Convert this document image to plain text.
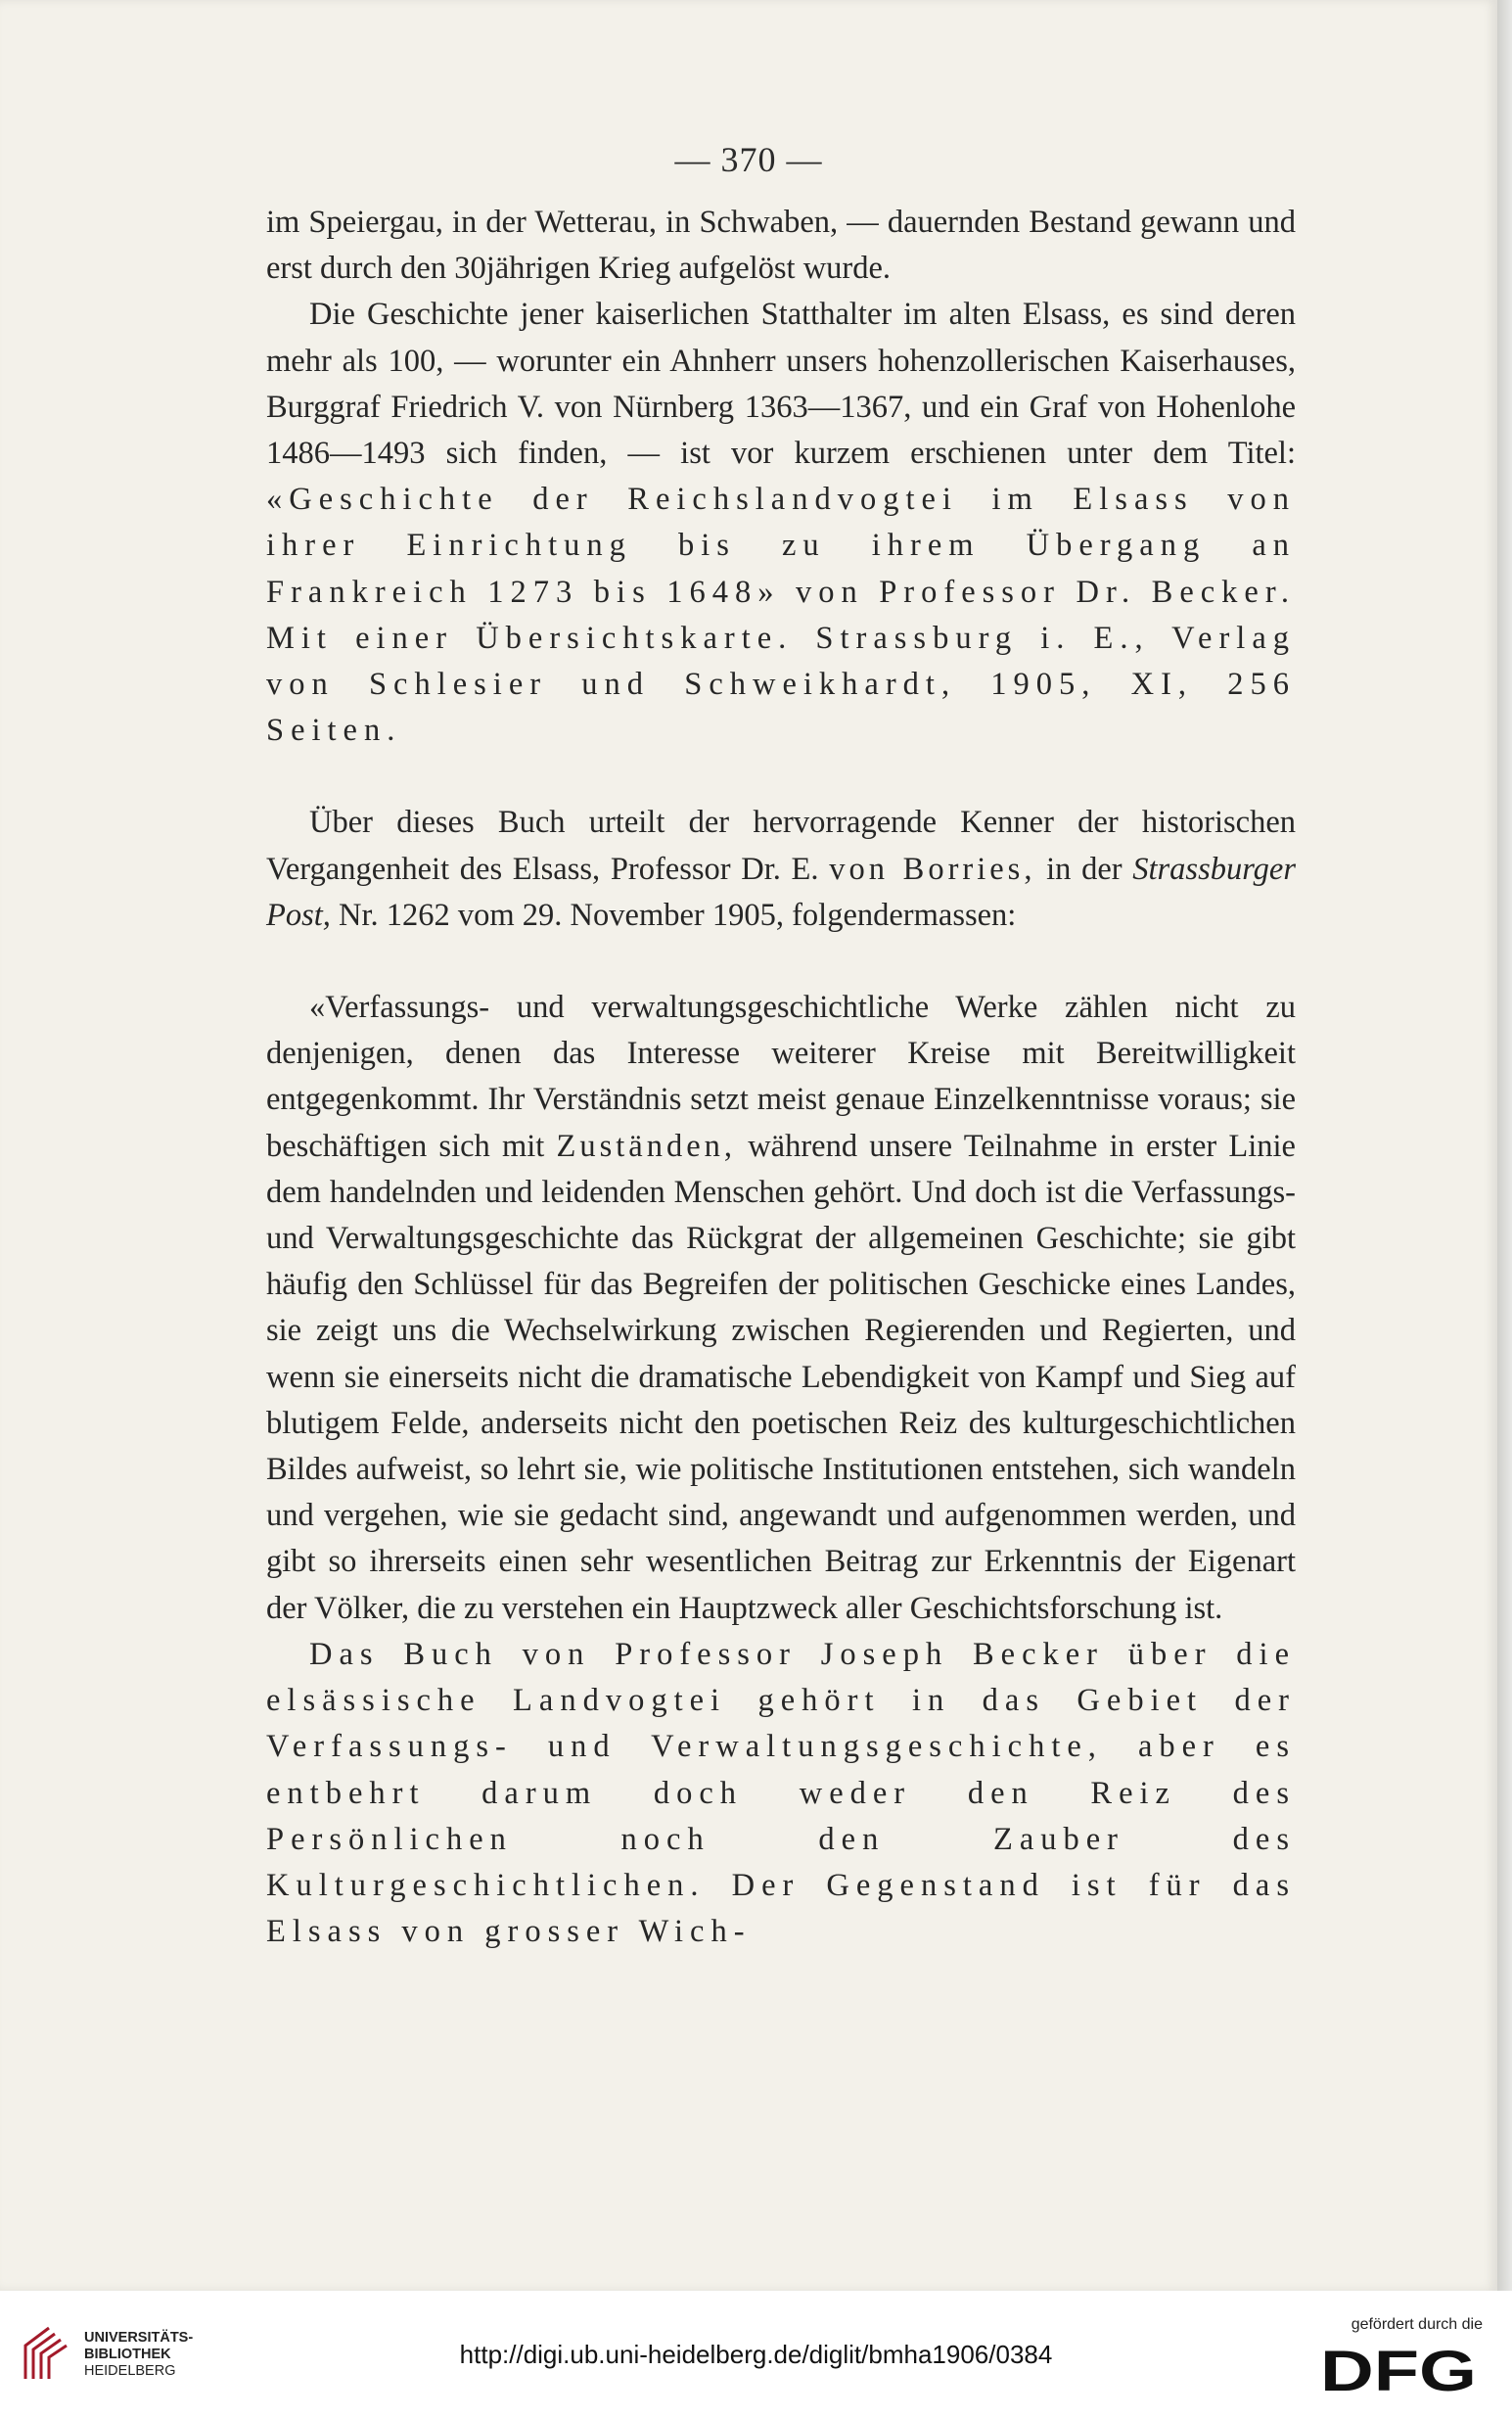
— 370 —

im Speiergau, in der Wetterau, in Schwaben, — dauernden Bestand gewann und erst durch den 30jährigen Krieg aufgelöst wurde.

Die Geschichte jener kaiserlichen Statthalter im alten Elsass, es sind deren mehr als 100, — worunter ein Ahnherr unsers hohenzollerischen Kaiserhauses, Burggraf Friedrich V. von Nürnberg 1363—1367, und ein Graf von Hohenlohe 1486—1493 sich finden, — ist vor kurzem erschienen unter dem Titel: «Geschichte der Reichslandvogtei im Elsass von ihrer Einrichtung bis zu ihrem Übergang an Frankreich 1273 bis 1648» von Professor Dr. Becker. Mit einer Übersichtskarte. Strassburg i. E., Verlag von Schlesier und Schweikhardt, 1905, XI, 256 Seiten.

Über dieses Buch urteilt der hervorragende Kenner der historischen Vergangenheit des Elsass, Professor Dr. E. von Borries, in der Strassburger Post, Nr. 1262 vom 29. November 1905, folgendermassen:

«Verfassungs- und verwaltungsgeschichtliche Werke zählen nicht zu denjenigen, denen das Interesse weiterer Kreise mit Bereitwilligkeit entgegenkommt. Ihr Verständnis setzt meist genaue Einzelkenntnisse voraus; sie beschäftigen sich mit Zuständen, während unsere Teilnahme in erster Linie dem handelnden und leidenden Menschen gehört. Und doch ist die Verfassungs- und Verwaltungsgeschichte das Rückgrat der allgemeinen Geschichte; sie gibt häufig den Schlüssel für das Begreifen der politischen Geschicke eines Landes, sie zeigt uns die Wechselwirkung zwischen Regierenden und Regierten, und wenn sie einerseits nicht die dramatische Lebendigkeit von Kampf und Sieg auf blutigem Felde, anderseits nicht den poetischen Reiz des kulturgeschichtlichen Bildes aufweist, so lehrt sie, wie politische Institutionen entstehen, sich wandeln und vergehen, wie sie gedacht sind, angewandt und aufgenommen werden, und gibt so ihrerseits einen sehr wesentlichen Beitrag zur Erkenntnis der Eigenart der Völker, die zu verstehen ein Hauptzweck aller Geschichtsforschung ist.

Das Buch von Professor Joseph Becker über die elsässische Landvogtei gehört in das Gebiet der Verfassungs- und Verwaltungsgeschichte, aber es entbehrt darum doch weder den Reiz des Persönlichen noch den Zauber des Kulturgeschichtlichen. Der Gegenstand ist für das Elsass von grosser Wich-

UNIVERSITÄTS-
BIBLIOTHEK
HEIDELBERG
http://digi.ub.uni-heidelberg.de/diglit/bmha1906/0384
gefördert durch die
DFG
